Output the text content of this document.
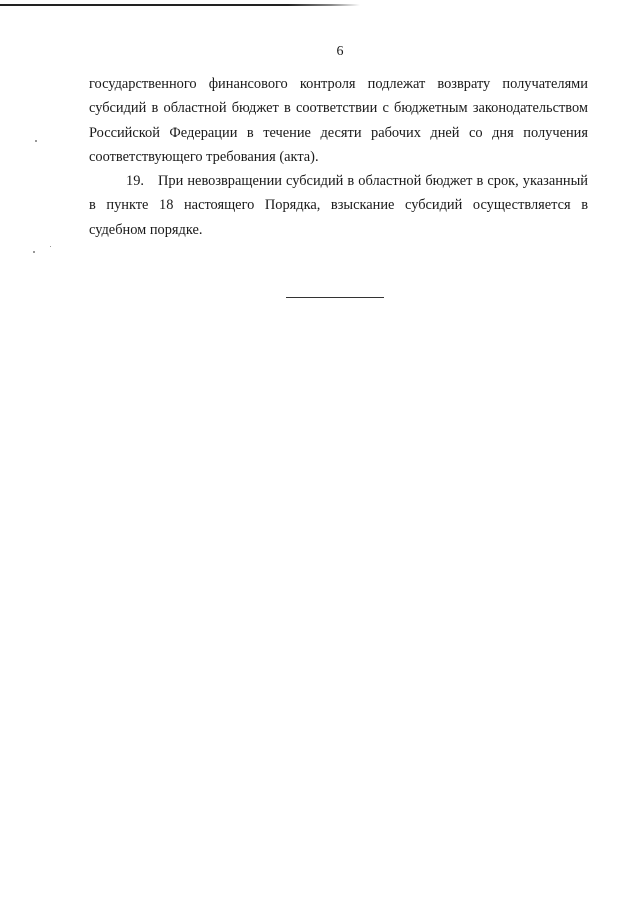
6

государственного финансового контроля подлежат возврату получателями субсидий в областной бюджет в соответствии с бюджетным законодательством Российской Федерации в течение десяти рабочих дней со дня получения соответствующего требования (акта).

19. При невозвращении субсидий в областной бюджет в срок, указанный в пункте 18 настоящего Порядка, взыскание субсидий осуществляется в судебном порядке.
